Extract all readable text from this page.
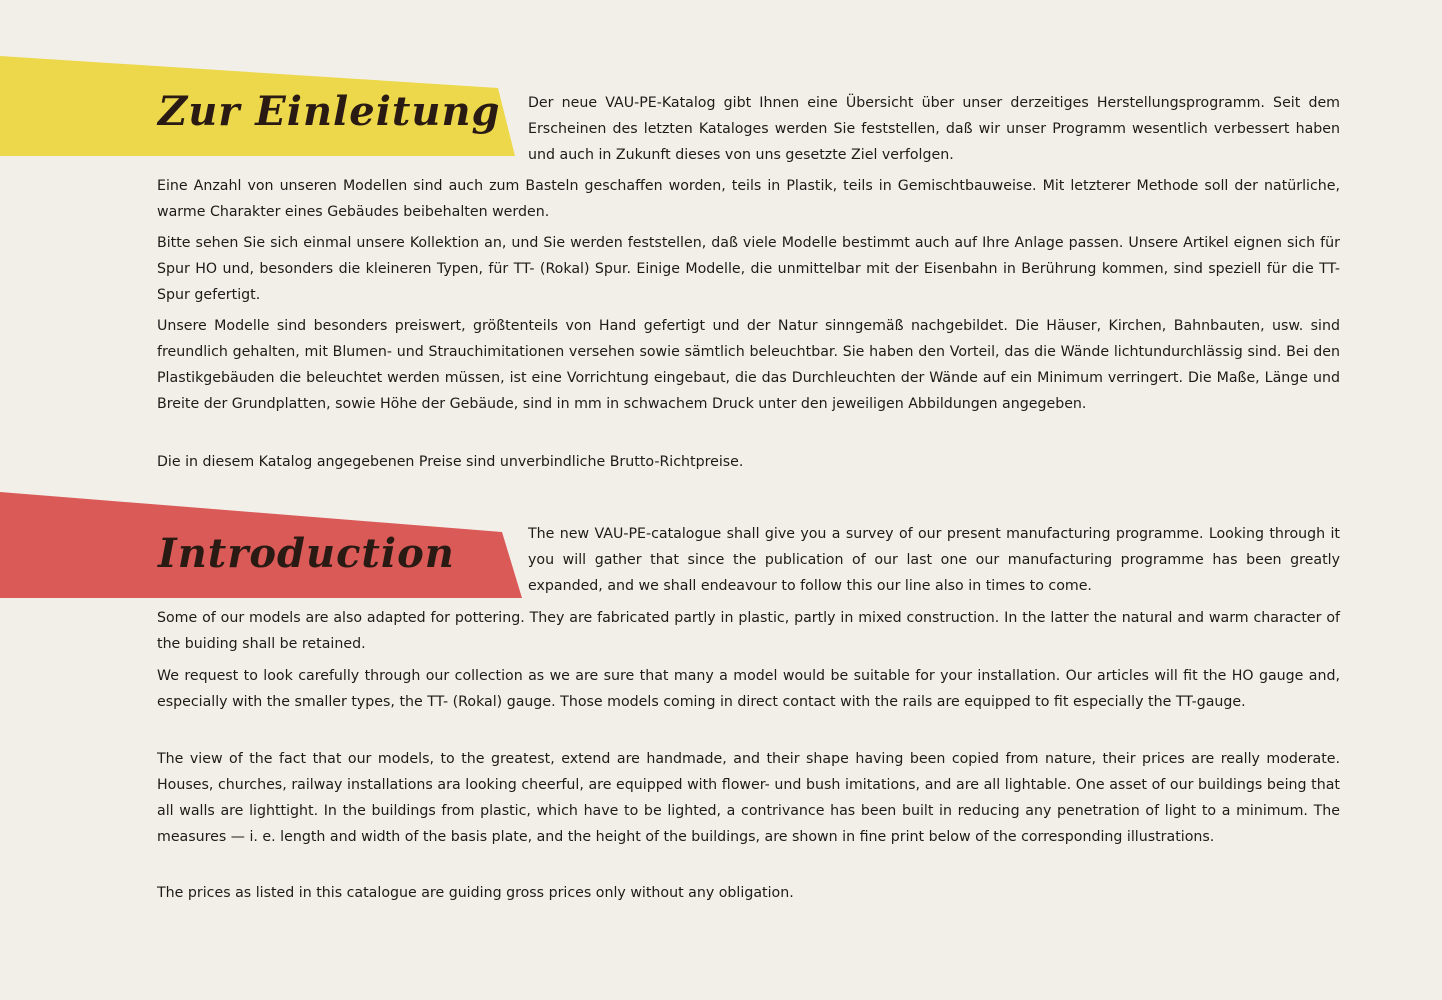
Zur Einleitung Der neue VAU-PE-Katalog gibt Ihnen eine Übersicht über unser derzeitiges Herstellungsprogramm. Seit dem Erscheinen des letzten Kataloges werden Sie feststellen, daß wir unser Programm wesentlich verbessert haben und auch in Zukunft dieses von uns gesetzte Ziel verfolgen.

Eine Anzahl von unseren Modellen sind auch zum Basteln geschaffen worden, teils in Plastik, teils in Gemischtbauweise. Mit letzterer Methode soll der natürliche, warme Charakter eines Gebäudes beibehalten werden.

Bitte sehen Sie sich einmal unsere Kollektion an, und Sie werden feststellen, daß viele Modelle bestimmt auch auf Ihre Anlage passen. Unsere Artikel eignen sich für Spur HO und, besonders die kleineren Typen, für TT- (Rokal) Spur. Einige Modelle, die unmittelbar mit der Eisenbahn in Berührung kommen, sind speziell für die TT-Spur gefertigt.

Unsere Modelle sind besonders preiswert, größtenteils von Hand gefertigt und der Natur sinngemäß nachgebildet. Die Häuser, Kirchen, Bahnbauten, usw. sind freundlich gehalten, mit Blumen- und Strauchimitationen versehen sowie sämtlich beleuchtbar. Sie haben den Vorteil, das die Wände lichtundurchlässig sind. Bei den Plastikgebäuden die beleuchtet werden müssen, ist eine Vorrichtung eingebaut, die das Durchleuchten der Wände auf ein Minimum verringert. Die Maße, Länge und Breite der Grundplatten, sowie Höhe der Gebäude, sind in mm in schwachem Druck unter den jeweiligen Abbildungen angegeben.

Die in diesem Katalog angegebenen Preise sind unverbindliche Brutto-Richtpreise.

Introduction	The new VAU-PE-catalogue shall give you a survey of our present manufacturing programme. Looking through it you will gather that since the publication of our last one our manufacturing programme has been greatly expanded, and we shall endeavour to follow this our line also in times to come.

Some of our models are also adapted for pottering. They are fabricated partly in plastic, partly in mixed construction. In the latter the natural and warm character of the buiding shall be retained.

We request to look carefully through our collection as we are sure that many a model would be suitable for your installation. Our articles will fit the HO gauge and, especially with the smaller types, the TT- (Rokal) gauge. Those models coming in direct contact with the rails are equipped to fit especially the TT-gauge.

The view of the fact that our models, to the greatest, extend are handmade, and their shape having been copied from nature, their prices are really moderate. Houses, churches, railway installations ara looking cheerful, are equipped with flower- und bush imitations, and are all lightable. One asset of our buildings being that all walls are lighttight. In the buildings from plastic, which have to be lighted, a contrivance has been built in reducing any penetration of light to a minimum. The measures — i. e. length and width of the basis plate, and the height of the buildings, are shown in fine print below of the corresponding illustrations.

The prices as listed in this catalogue are guiding gross prices only without any obligation.
